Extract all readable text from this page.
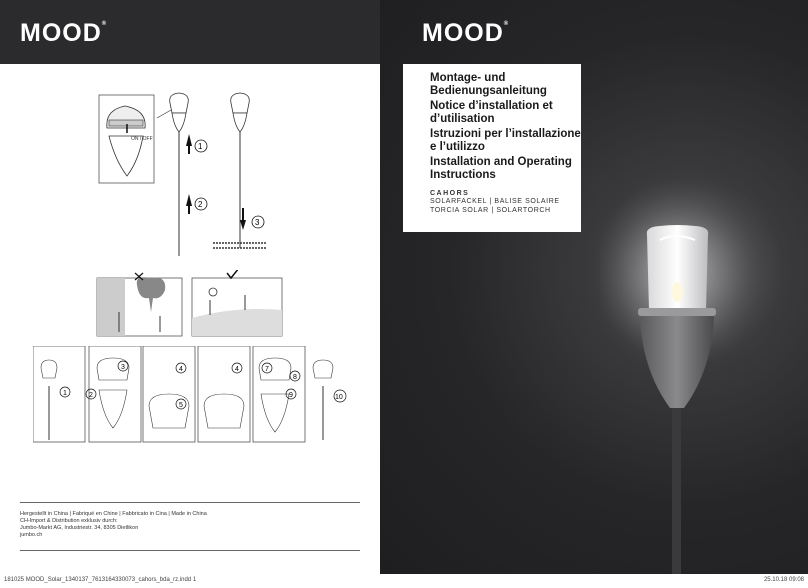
MOOD®	MOOD®
Montage- und Bedienungsanleitung
Notice d’installation et d’utilisation
Istruzioni per l’installazione e l’utilizzo
Installation and Operating Instructions
CAHORS
SOLARFACKEL | BALISE SOLAIRE
TORCIA SOLAR | SOLARTORCH
ON / OFF
1
2
3
1	2
3	4
5
4	7
8
9	10
Hergestellt in China | Fabriqué en Chine | Fabbricato in Cina | Made in China
CH-Import & Distribution exklusiv durch:
Jumbo-Markt AG, Industriestr. 34, 8305 Dietlikon
jumbo.ch
181025 MOOD_Solar_1340137_7613164330073_cahors_bda_rz.indd 1	25.10.18 09:08
